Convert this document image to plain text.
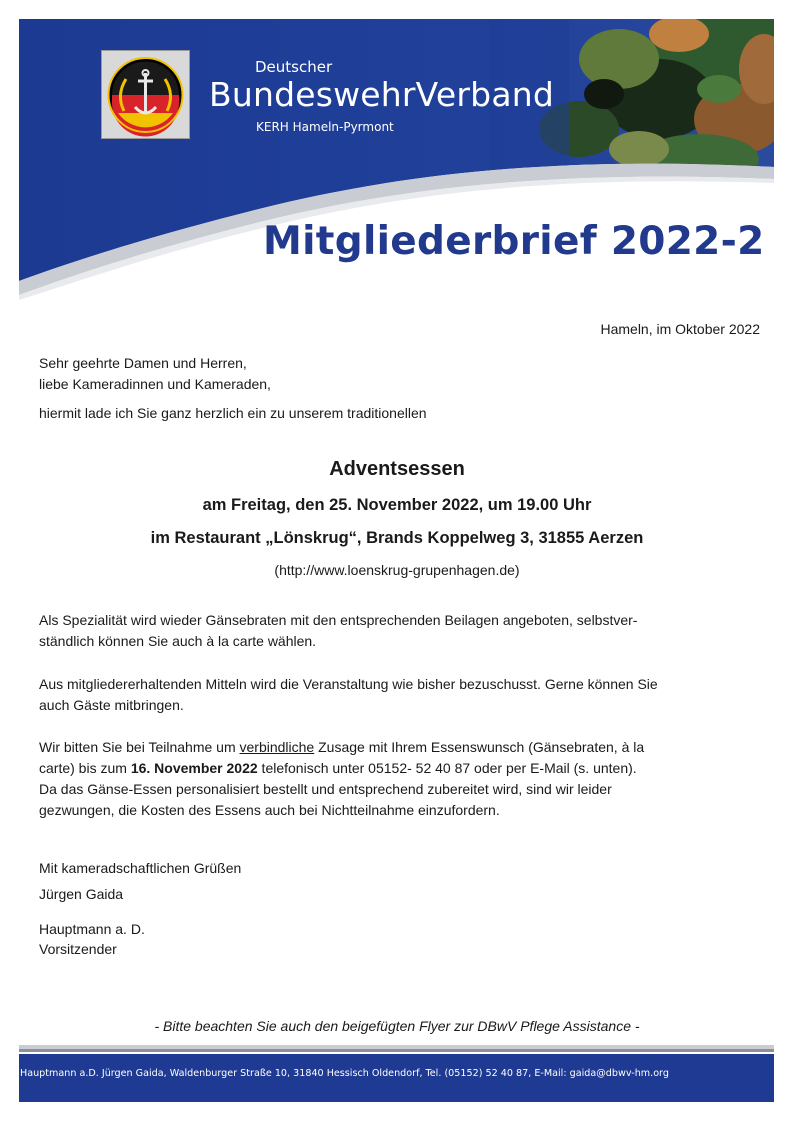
Deutscher
BundeswehrVerband
KERH Hameln-Pyrmont
Mitgliederbrief 2022-2
Hameln, im Oktober 2022
Sehr geehrte Damen und Herren,
liebe Kameradinnen und Kameraden,
hiermit lade ich Sie ganz herzlich ein zu unserem traditionellen
Adventsessen
am Freitag, den 25. November 2022, um 19.00 Uhr
im Restaurant „Lönskrug“, Brands Koppelweg 3, 31855 Aerzen
(http://www.loenskrug-grupenhagen.de)
Als Spezialität wird wieder Gänsebraten mit den entsprechenden Beilagen angeboten, selbstver-
ständlich können Sie auch à la carte wählen.
Aus mitgliedererhaltenden Mitteln wird die Veranstaltung wie bisher bezuschusst. Gerne können Sie
auch Gäste mitbringen.
Wir bitten Sie bei Teilnahme um verbindliche Zusage mit Ihrem Essenswunsch (Gänsebraten, à la
carte) bis zum 16. November 2022 telefonisch unter 05152- 52 40 87 oder per E-Mail (s. unten).
Da das Gänse-Essen personalisiert bestellt und entsprechend zubereitet wird, sind wir leider
gezwungen, die Kosten des Essens auch bei Nichtteilnahme einzufordern.
Mit kameradschaftlichen Grüßen
Jürgen Gaida
Hauptmann a. D.
Vorsitzender
- Bitte beachten Sie auch den beigefügten Flyer zur DBwV Pflege Assistance -
Hauptmann a.D. Jürgen Gaida, Waldenburger Straße 10, 31840 Hessisch Oldendorf, Tel. (05152) 52 40 87, E-Mail: gaida@dbwv-hm.org
